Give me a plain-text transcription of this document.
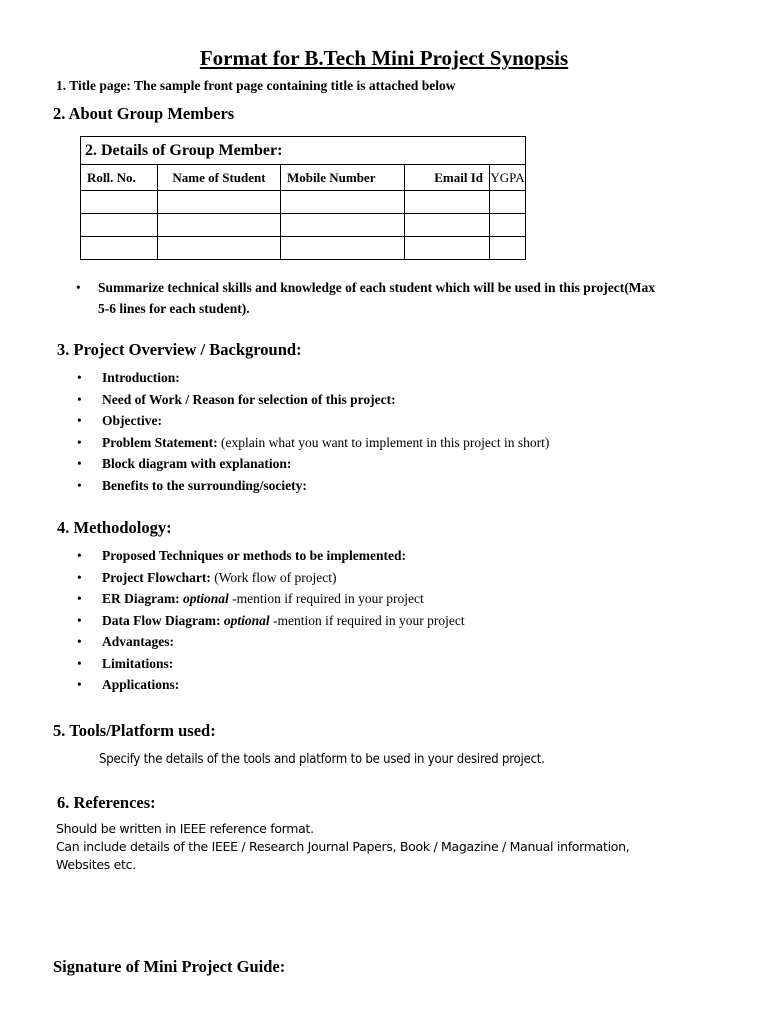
Format for B.Tech Mini Project Synopsis
1. Title page: The sample front page containing title is attached below
2. About Group Members
2. Details of Group Member:				
Roll. No.	Name of Student	Mobile Number	Email Id	YGPA

• Summarize technical skills and knowledge of each student which will be used in this project(Max
5-6 lines for each student).
3. Project Overview / Background:
• Introduction:
• Need of Work / Reason for selection of this project:
• Objective:
• Problem Statement: (explain what you want to implement in this project in short)
• Block diagram with explanation:
• Benefits to the surrounding/society:
4. Methodology:
• Proposed Techniques or methods to be implemented:
• Project Flowchart: (Work flow of project)
• ER Diagram: optional -mention if required in your project
• Data Flow Diagram: optional -mention if required in your project
• Advantages:
• Limitations:
• Applications:
5. Tools/Platform used:
Specify the details of the tools and platform to be used in your desired project.
6. References:
Should be written in IEEE reference format.
Can include details of the IEEE / Research Journal Papers, Book / Magazine / Manual information,
Websites etc.
Signature of Mini Project Guide:
